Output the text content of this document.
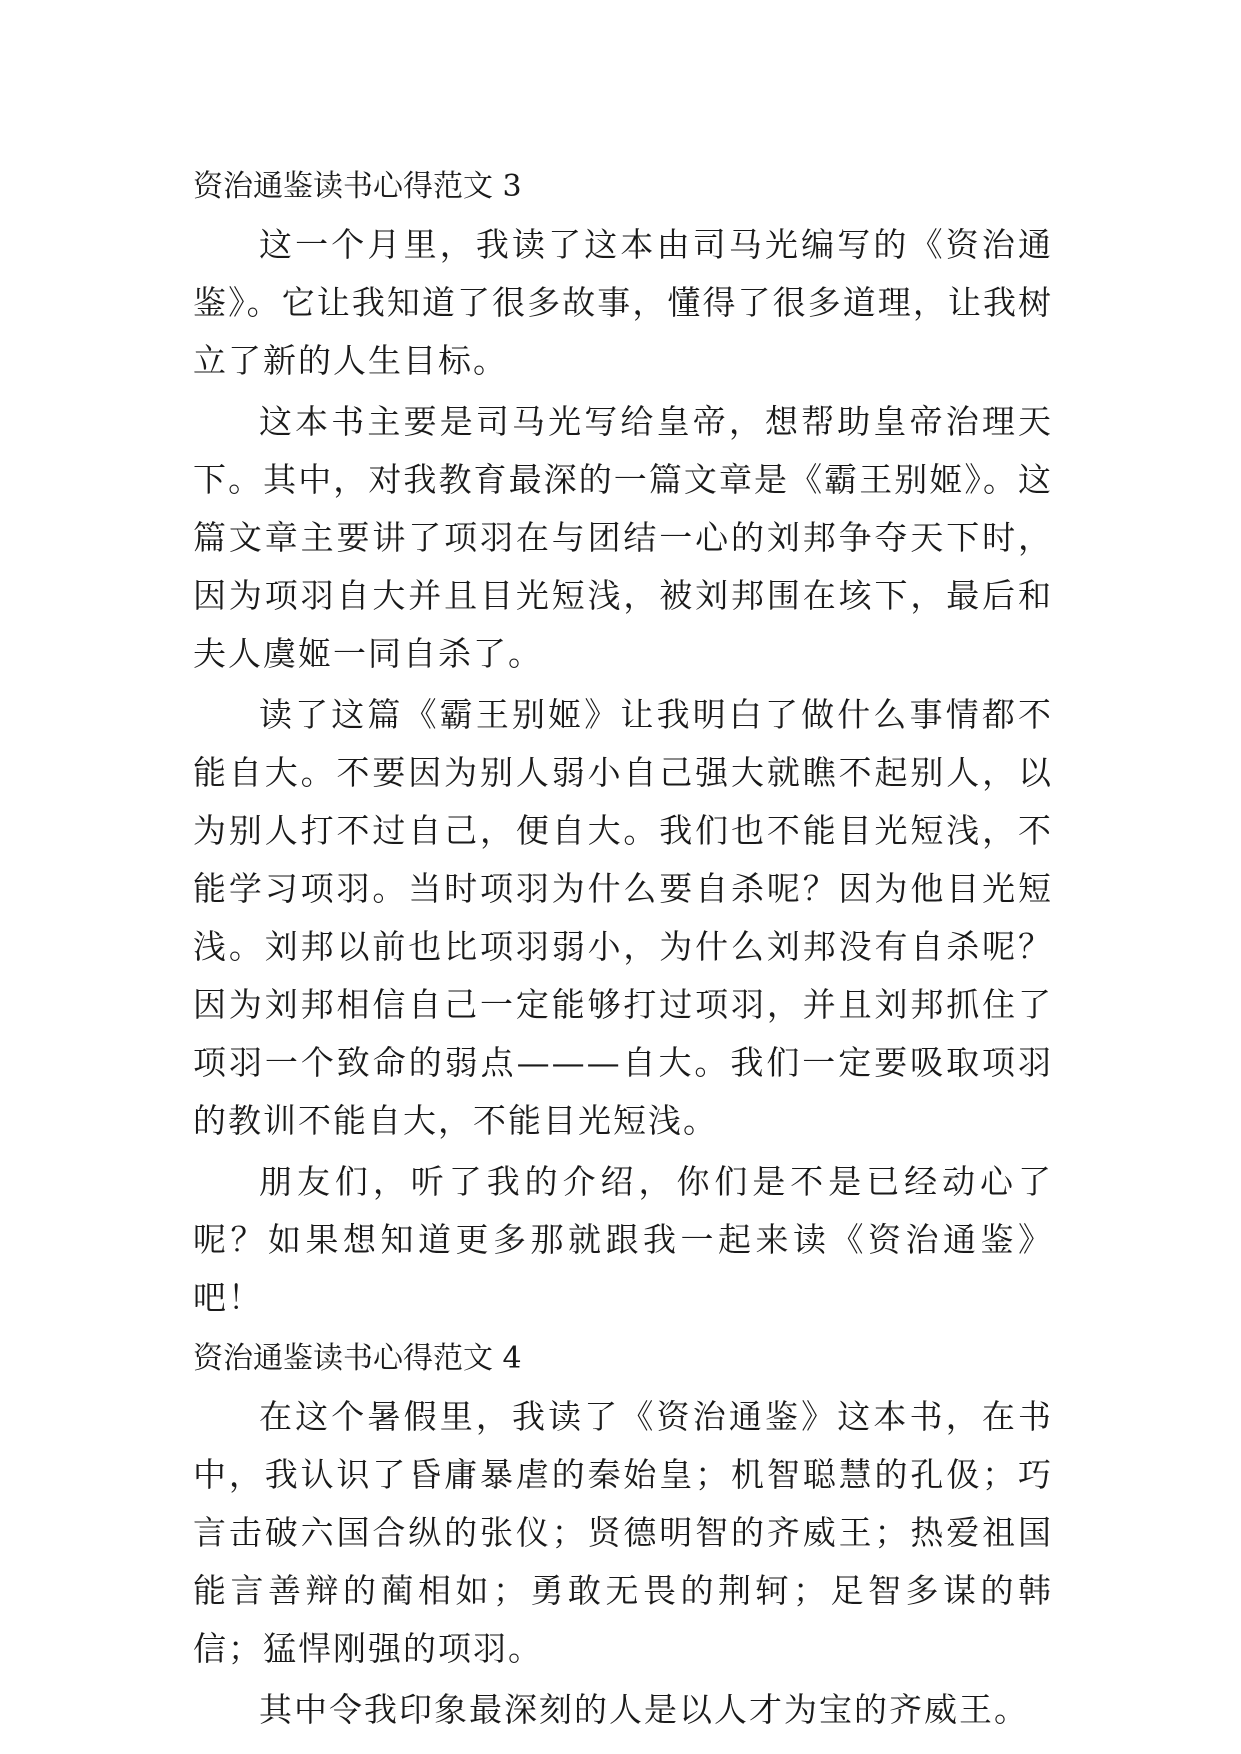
资治通鉴读书心得范文 3

这一个月里，我读了这本由司马光编写的《资治通鉴》。它让我知道了很多故事，懂得了很多道理，让我树立了新的人生目标。

这本书主要是司马光写给皇帝，想帮助皇帝治理天下。其中，对我教育最深的一篇文章是《霸王别姬》。这篇文章主要讲了项羽在与团结一心的刘邦争夺天下时，因为项羽自大并且目光短浅，被刘邦围在垓下，最后和夫人虞姬一同自杀了。

读了这篇《霸王别姬》让我明白了做什么事情都不能自大。不要因为别人弱小自己强大就瞧不起别人，以为别人打不过自己，便自大。我们也不能目光短浅，不能学习项羽。当时项羽为什么要自杀呢？因为他目光短浅。刘邦以前也比项羽弱小，为什么刘邦没有自杀呢？因为刘邦相信自己一定能够打过项羽，并且刘邦抓住了项羽一个致命的弱点———自大。我们一定要吸取项羽的教训不能自大，不能目光短浅。

朋友们，听了我的介绍，你们是不是已经动心了呢？如果想知道更多那就跟我一起来读《资治通鉴》吧！

资治通鉴读书心得范文 4

在这个暑假里，我读了《资治通鉴》这本书，在书中，我认识了昏庸暴虐的秦始皇；机智聪慧的孔伋；巧言击破六国合纵的张仪；贤德明智的齐威王；热爱祖国能言善辩的蔺相如；勇敢无畏的荆轲；足智多谋的韩信；猛悍刚强的项羽。

其中令我印象最深刻的人是以人才为宝的齐威王。
